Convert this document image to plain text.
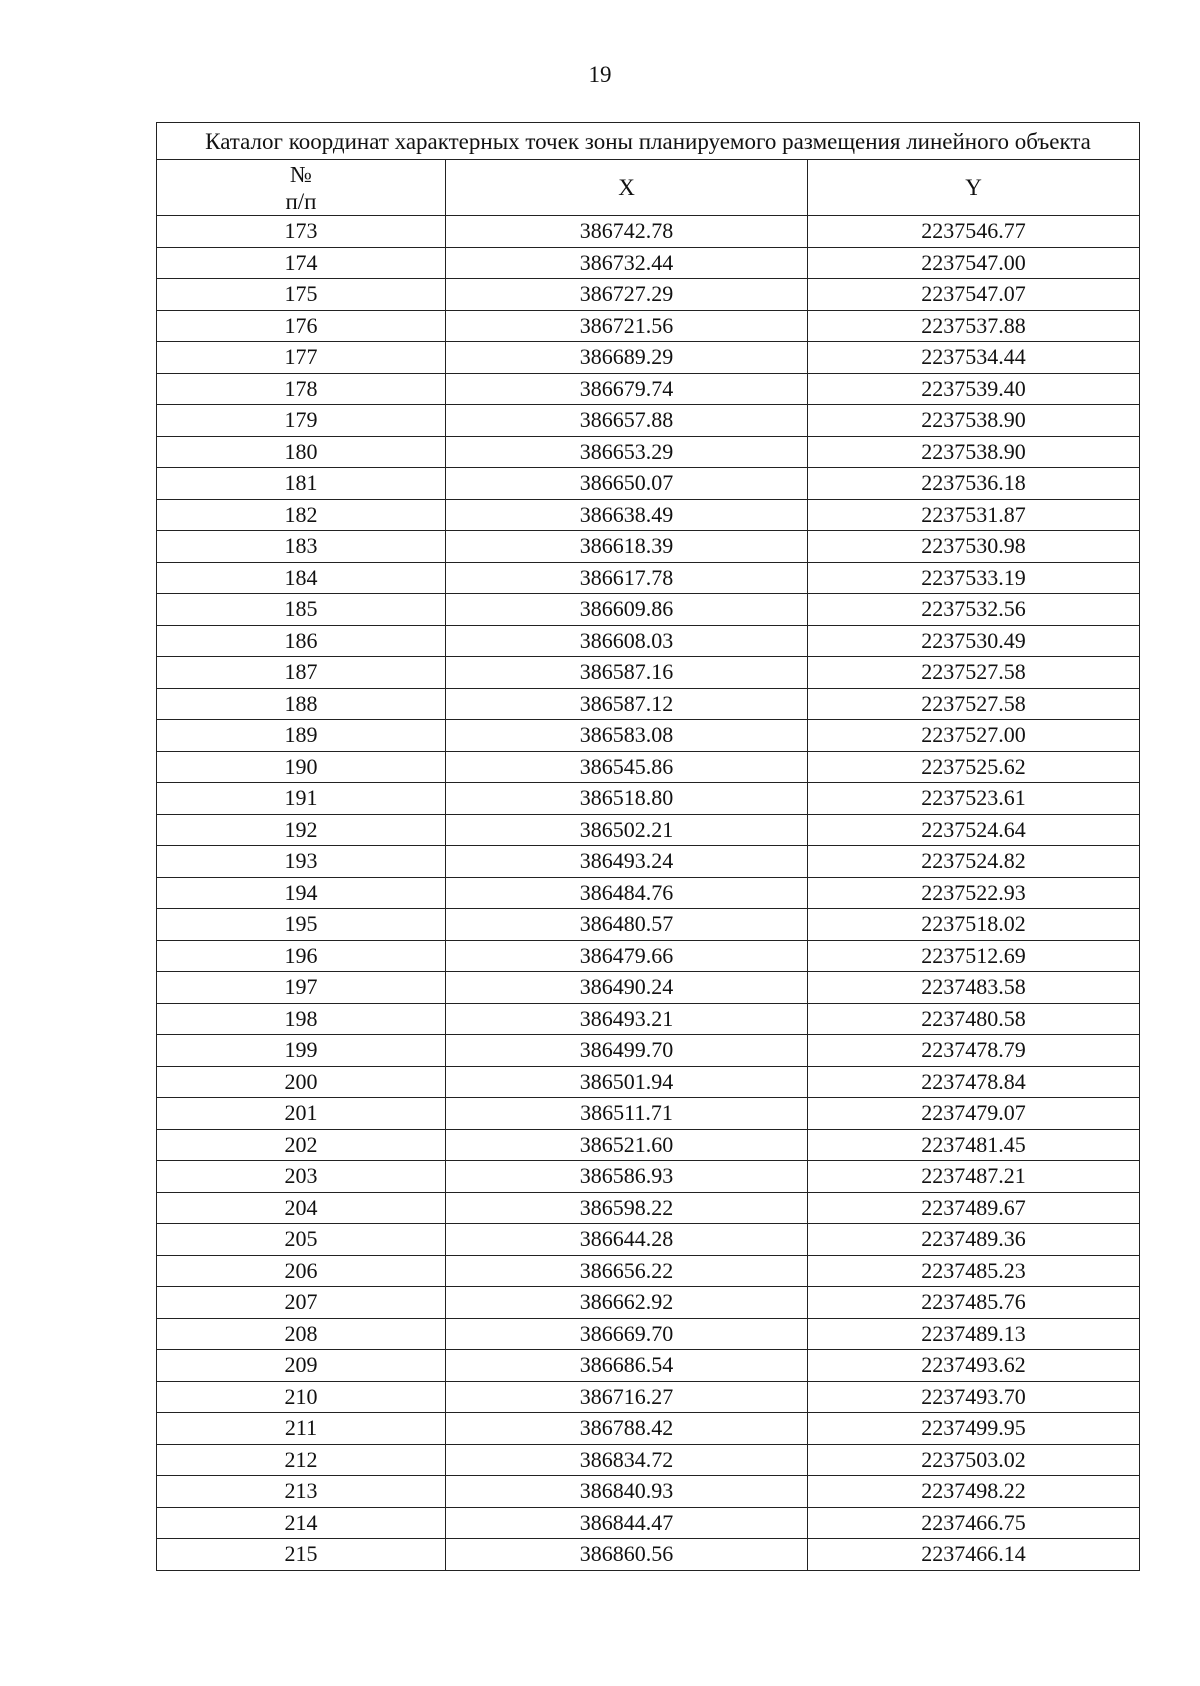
19
Каталог координат характерных точек зоны планируемого размещения линейного объекта		
№
п/п	X	Y
173	386742.78	2237546.77
174	386732.44	2237547.00
175	386727.29	2237547.07
176	386721.56	2237537.88
177	386689.29	2237534.44
178	386679.74	2237539.40
179	386657.88	2237538.90
180	386653.29	2237538.90
181	386650.07	2237536.18
182	386638.49	2237531.87
183	386618.39	2237530.98
184	386617.78	2237533.19
185	386609.86	2237532.56
186	386608.03	2237530.49
187	386587.16	2237527.58
188	386587.12	2237527.58
189	386583.08	2237527.00
190	386545.86	2237525.62
191	386518.80	2237523.61
192	386502.21	2237524.64
193	386493.24	2237524.82
194	386484.76	2237522.93
195	386480.57	2237518.02
196	386479.66	2237512.69
197	386490.24	2237483.58
198	386493.21	2237480.58
199	386499.70	2237478.79
200	386501.94	2237478.84
201	386511.71	2237479.07
202	386521.60	2237481.45
203	386586.93	2237487.21
204	386598.22	2237489.67
205	386644.28	2237489.36
206	386656.22	2237485.23
207	386662.92	2237485.76
208	386669.70	2237489.13
209	386686.54	2237493.62
210	386716.27	2237493.70
211	386788.42	2237499.95
212	386834.72	2237503.02
213	386840.93	2237498.22
214	386844.47	2237466.75
215	386860.56	2237466.14
